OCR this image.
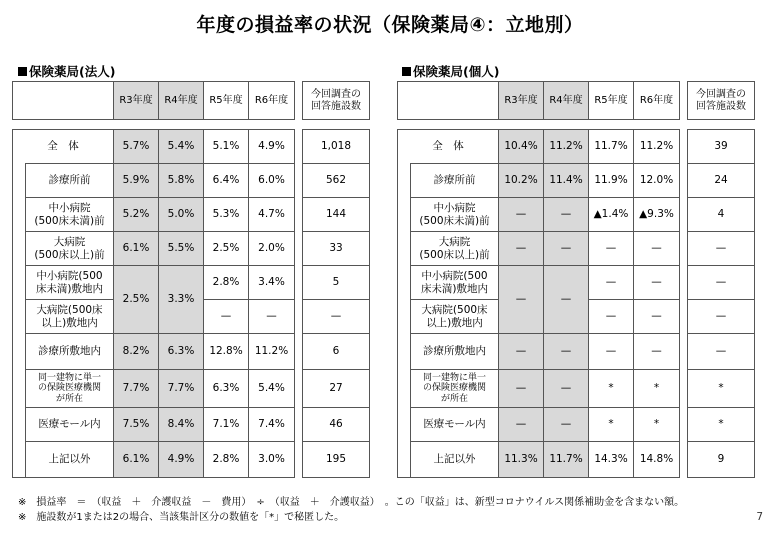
年度の損益率の状況（保険薬局④：立地別）
保険薬局(法人)	保険薬局(個人)
		R3年度	R4年度	R5年度	R6年度		今回調査の
回答施設数

全　体		5.7%	5.4%	5.1%	4.9%		1,018
	診療所前	5.9%	5.8%	6.4%	6.0%		562
	中小病院
(500床未満)前	5.2%	5.0%	5.3%	4.7%		144
	大病院
(500床以上)前	6.1%	5.5%	2.5%	2.0%		33
	中小病院(500
床未満)敷地内	2.5%	3.3%	2.8%	3.4%		5
	大病院(500床
以上)敷地内			—	—		—
	診療所敷地内	8.2%	6.3%	12.8%	11.2%		6
	同一建物に単一
の保険医療機関
が所在	7.7%	7.7%	6.3%	5.4%		27
	医療モール内	7.5%	8.4%	7.1%	7.4%		46
	上記以外	6.1%	4.9%	2.8%	3.0%		195
		R3年度	R4年度	R5年度	R6年度		今回調査の
回答施設数

全　体		10.4%	11.2%	11.7%	11.2%		39
	診療所前	10.2%	11.4%	11.9%	12.0%		24
	中小病院
(500床未満)前	—	—	▲1.4%	▲9.3%		4
	大病院
(500床以上)前	—	—	—	—		—
	中小病院(500
床未満)敷地内	—	—	—	—		—
	大病院(500床
以上)敷地内			—	—		—
	診療所敷地内	—	—	—	—		—
	同一建物に単一
の保険医療機関
が所在	—	—	*	*		*
	医療モール内	—	—	*	*		*
	上記以外	11.3%	11.7%	14.3%	14.8%		9
※　損益率　＝　（収益　＋　介護収益　－　費用）　÷　（収益　＋　介護収益）　。この「収益」は、新型コロナウイルス関係補助金を含まない額。
※　施設数が1または2の場合、当該集計区分の数値を「*」で秘匿した。	7
